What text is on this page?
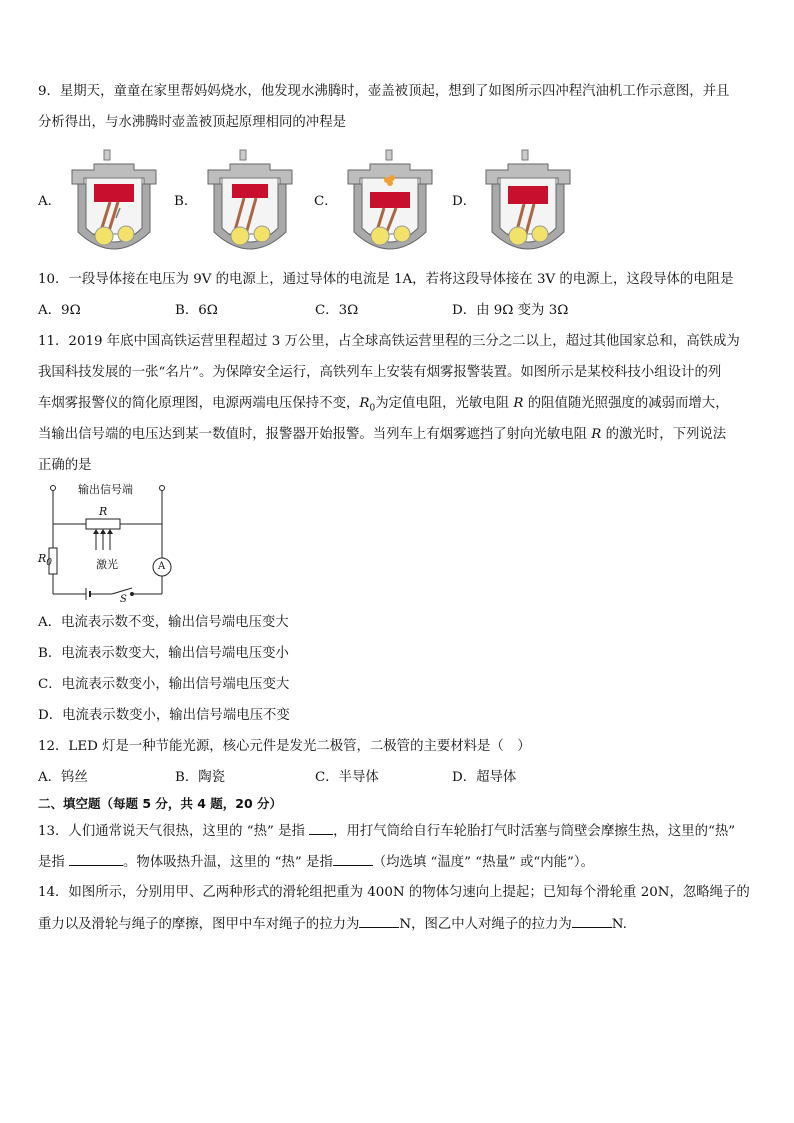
9．星期天，童童在家里帮妈妈烧水，他发现水沸腾时，壶盖被顶起，想到了如图所示四冲程汽油机工作示意图，并且
分析得出，与水沸腾时壶盖被顶起原理相同的冲程是
A．	B．	C．	D．
10．一段导体接在电压为 9V 的电源上，通过导体的电流是 1A，若将这段导体接在 3V 的电源上，这段导体的电阻是
A．9Ω	B．6Ω	C．3Ω	D．由 9Ω 变为 3Ω
11．2019 年底中国高铁运营里程超过 3 万公里，占全球高铁运营里程的三分之二以上，超过其他国家总和，高铁成为
我国科技发展的一张“名片”。为保障安全运行，高铁列车上安装有烟雾报警装置。如图所示是某校科技小组设计的列
车烟雾报警仪的简化原理图，电源两端电压保持不变，$R_0$为定值电阻，光敏电阻 R 的阻值随光照强度的减弱而增大，
当输出信号端的电压达到某一数值时，报警器开始报警。当列车上有烟雾遮挡了射向光敏电阻 R 的激光时，下列说法
正确的是
输出信号端
R
$R_0$	激光	A
S
A．电流表示数不变，输出信号端电压变大
B．电流表示数变大，输出信号端电压变小
C．电流表示数变小，输出信号端电压变大
D．电流表示数变小，输出信号端电压不变
12．LED 灯是一种节能光源，核心元件是发光二极管，二极管的主要材料是（　）
A．钨丝	B．陶瓷	C．半导体	D．超导体
二、填空题（每题 5 分，共 4 题，20 分）
13．人们通常说天气很热，这里的 “热” 是指 ，用打气筒给自行车轮胎打气时活塞与筒壁会摩擦生热，这里的“热”
是指	。物体吸热升温，这里的 “热” 是指	（均选填 “温度” “热量” 或“内能”）。
14．如图所示，分别用甲、乙两种形式的滑轮组把重为 400N 的物体匀速向上提起；已知每个滑轮重 20N，忽略绳子的
重力以及滑轮与绳子的摩擦，图甲中车对绳子的拉力为	N，图乙中人对绳子的拉力为	N.
